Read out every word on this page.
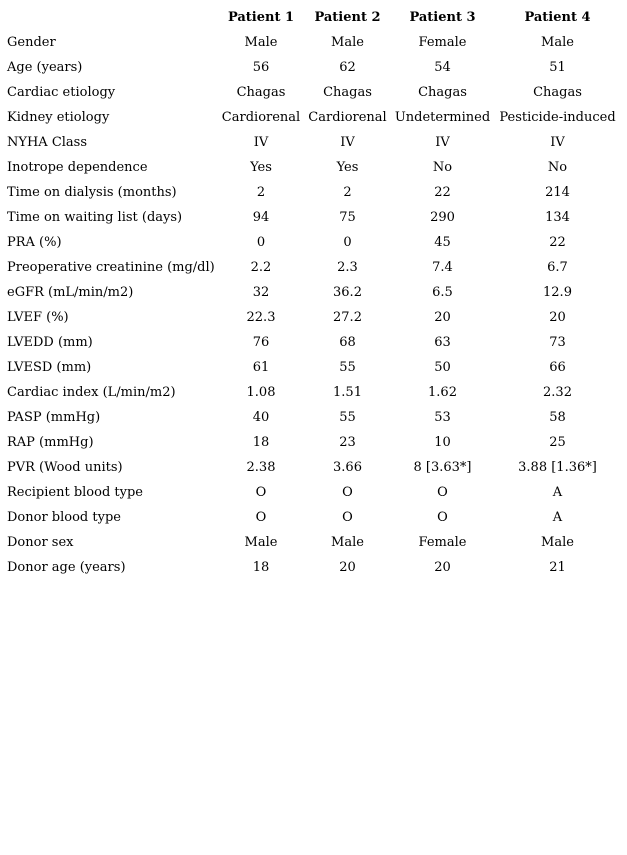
	Patient 1	Patient 2	Patient 3	Patient 4
Gender	Male	Male	Female	Male
Age (years)	56	62	54	51
Cardiac etiology	Chagas	Chagas	Chagas	Chagas
Kidney etiology	Cardiorenal	Cardiorenal	Undetermined	Pesticide-induced
NYHA Class	IV	IV	IV	IV
Inotrope dependence	Yes	Yes	No	No
Time on dialysis (months)	2	2	22	214
Time on waiting list (days)	94	75	290	134
PRA (%)	0	0	45	22
Preoperative creatinine (mg/dl)	2.2	2.3	7.4	6.7
eGFR (mL/min/m2)	32	36.2	6.5	12.9
LVEF (%)	22.3	27.2	20	20
LVEDD (mm)	76	68	63	73
LVESD (mm)	61	55	50	66
Cardiac index (L/min/m2)	1.08	1.51	1.62	2.32
PASP (mmHg)	40	55	53	58
RAP (mmHg)	18	23	10	25
PVR (Wood units)	2.38	3.66	8 [3.63*]	3.88 [1.36*]
Recipient blood type	O	O	O	A
Donor blood type	O	O	O	A
Donor sex	Male	Male	Female	Male
Donor age (years)	18	20	20	21
